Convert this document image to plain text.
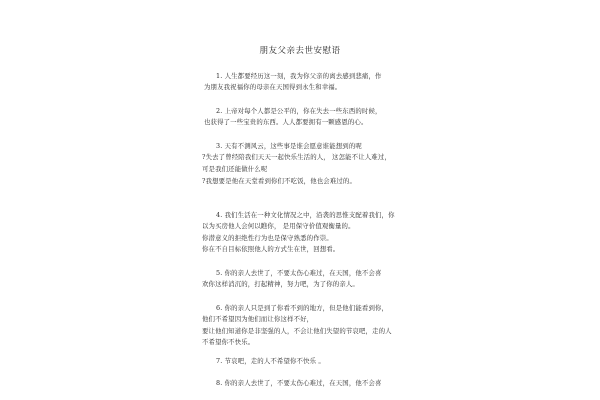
朋友父亲去世安慰语
1. 人生都要经历这一刻，我为你父亲的离去感到悲痛，作
为朋友我祝福你的母亲在天国得到永生和幸福。
2. 上帝对每个人都是公平的，你在失去一些东西的时候，
也获得了一些宝贵的东西。人人都要拥有一颗感恩的心。
3. 天有不测风云，这些事是谁会愿意谁能想到的呢
?失去了曾经陪我们天天一起快乐生活的人， 这怎能不让人难过，
可是我们还能做什么呢
?我想要是他在天堂看到你们不吃饭，他也会难过的。
4. 我们生活在一种文化情况之中，沿袭的思惟支配着我们，你
以为买房他人会何以瞧你， 是用保守价值观衡量的。
你潜意义的拒绝性行为也是保守熟悉的作崇。
你在不自目标依照他人的方式生在世，回想看。
5. 你的亲人去世了，不要太伤心难过，在天国，他不会喜
欢你这样消沉的，打起精神，努力吧，为了你的亲人。
6. 你的亲人只是到了你看不到的地方，但是他们能看到你，
他们不希望因为他们而让你这样不好，
要让他们知道你是非坚强的人，不会让他们失望的节哀吧，走的人
不希望你不快乐。
7. 节哀吧，走的人不希望你不快乐 。
8. 你的亲人去世了，不要太伤心难过，在天国，他不会喜
